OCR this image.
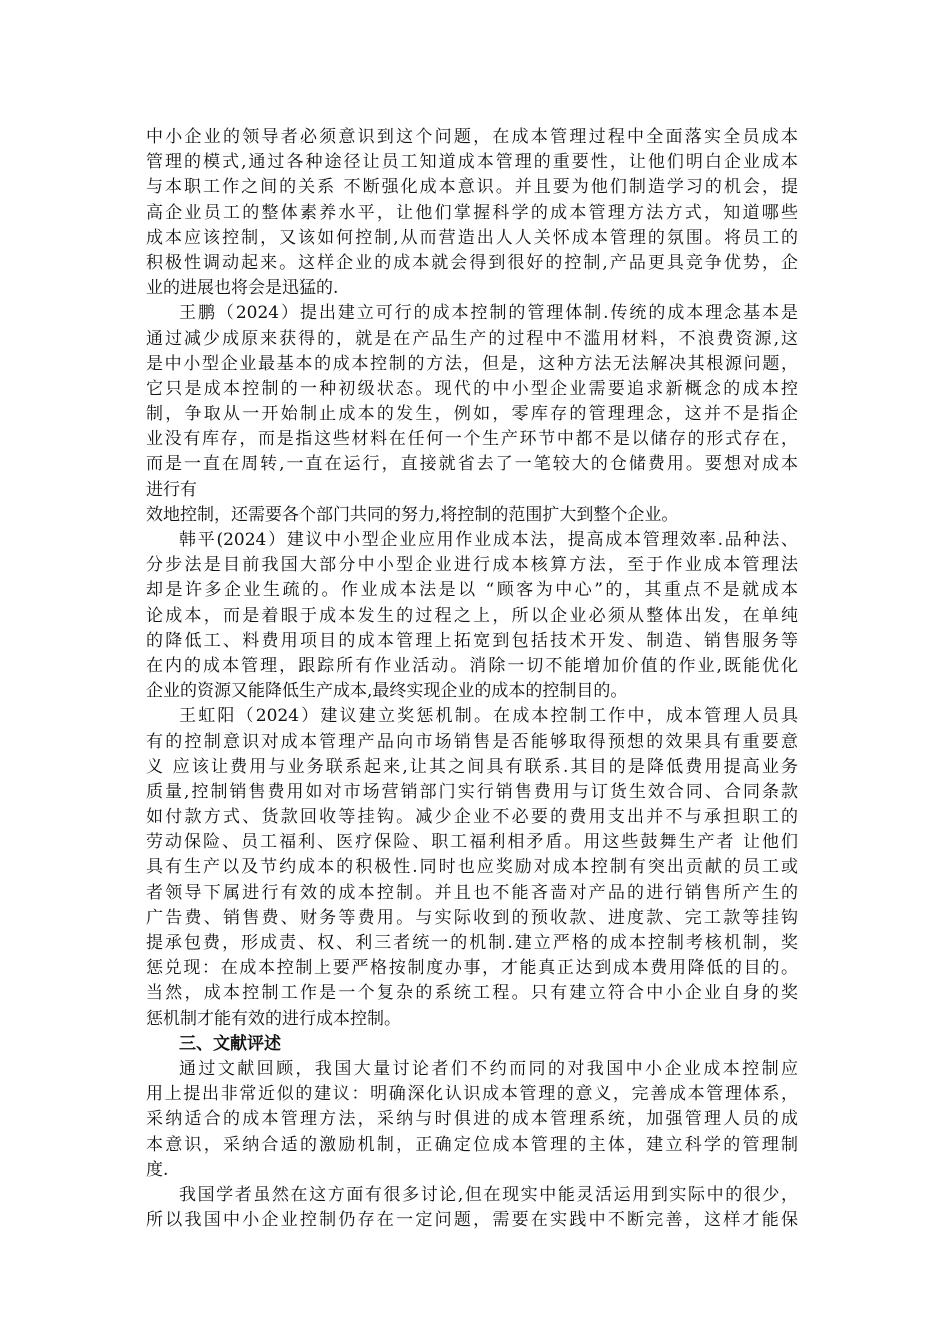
中小企业的领导者必须意识到这个问题，在成本管理过程中全面落实全员成本
管理的模式,通过各种途径让员工知道成本管理的重要性，让他们明白企业成本
与本职工作之间的关系 不断强化成本意识。并且要为他们制造学习的机会，提
高企业员工的整体素养水平，让他们掌握科学的成本管理方法方式，知道哪些
成本应该控制，又该如何控制,从而营造出人人关怀成本管理的氛围。将员工的
积极性调动起来。这样企业的成本就会得到很好的控制,产品更具竞争优势，企
业的进展也将会是迅猛的.
王鹏（2024）提出建立可行的成本控制的管理体制.传统的成本理念基本是
通过减少成原来获得的，就是在产品生产的过程中不滥用材料，不浪费资源,这
是中小型企业最基本的成本控制的方法，但是，这种方法无法解决其根源问题，
它只是成本控制的一种初级状态。现代的中小型企业需要追求新概念的成本控
制，争取从一开始制止成本的发生，例如，零库存的管理理念，这并不是指企
业没有库存，而是指这些材料在任何一个生产环节中都不是以储存的形式存在，
而是一直在周转,一直在运行，直接就省去了一笔较大的仓储费用。要想对成本
进行有
效地控制，还需要各个部门共同的努力,将控制的范围扩大到整个企业。
韩平(2024）建议中小型企业应用作业成本法，提高成本管理效率.品种法、
分步法是目前我国大部分中小型企业进行成本核算方法，至于作业成本管理法
却是许多企业生疏的。作业成本法是以 “顾客为中心”的，其重点不是就成本
论成本，而是着眼于成本发生的过程之上，所以企业必须从整体出发，在单纯
的降低工、料费用项目的成本管理上拓宽到包括技术开发、制造、销售服务等
在内的成本管理，跟踪所有作业活动。消除一切不能增加价值的作业,既能优化
企业的资源又能降低生产成本,最终实现企业的成本的控制目的。
王虹阳（2024）建议建立奖惩机制。在成本控制工作中，成本管理人员具
有的控制意识对成本管理产品向市场销售是否能够取得预想的效果具有重要意
义 应该让费用与业务联系起来,让其之间具有联系.其目的是降低费用提高业务
质量,控制销售费用如对市场营销部门实行销售费用与订货生效合同、合同条款
如付款方式、货款回收等挂钩。减少企业不必要的费用支出并不与承担职工的
劳动保险、员工福利、医疗保险、职工福利相矛盾。用这些鼓舞生产者 让他们
具有生产以及节约成本的积极性.同时也应奖励对成本控制有突出贡献的员工或
者领导下属进行有效的成本控制。并且也不能吝啬对产品的进行销售所产生的
广告费、销售费、财务等费用。与实际收到的预收款、进度款、完工款等挂钩
提承包费，形成责、权、利三者统一的机制.建立严格的成本控制考核机制，奖
惩兑现：在成本控制上要严格按制度办事，才能真正达到成本费用降低的目的。
当然，成本控制工作是一个复杂的系统工程。只有建立符合中小企业自身的奖
惩机制才能有效的进行成本控制。
三、文献评述
通过文献回顾，我国大量讨论者们不约而同的对我国中小企业成本控制应
用上提出非常近似的建议：明确深化认识成本管理的意义，完善成本管理体系，
采纳适合的成本管理方法，采纳与时俱进的成本管理系统，加强管理人员的成
本意识，采纳合适的激励机制，正确定位成本管理的主体，建立科学的管理制
度.
我国学者虽然在这方面有很多讨论,但在现实中能灵活运用到实际中的很少，
所以我国中小企业控制仍存在一定问题，需要在实践中不断完善，这样才能保
